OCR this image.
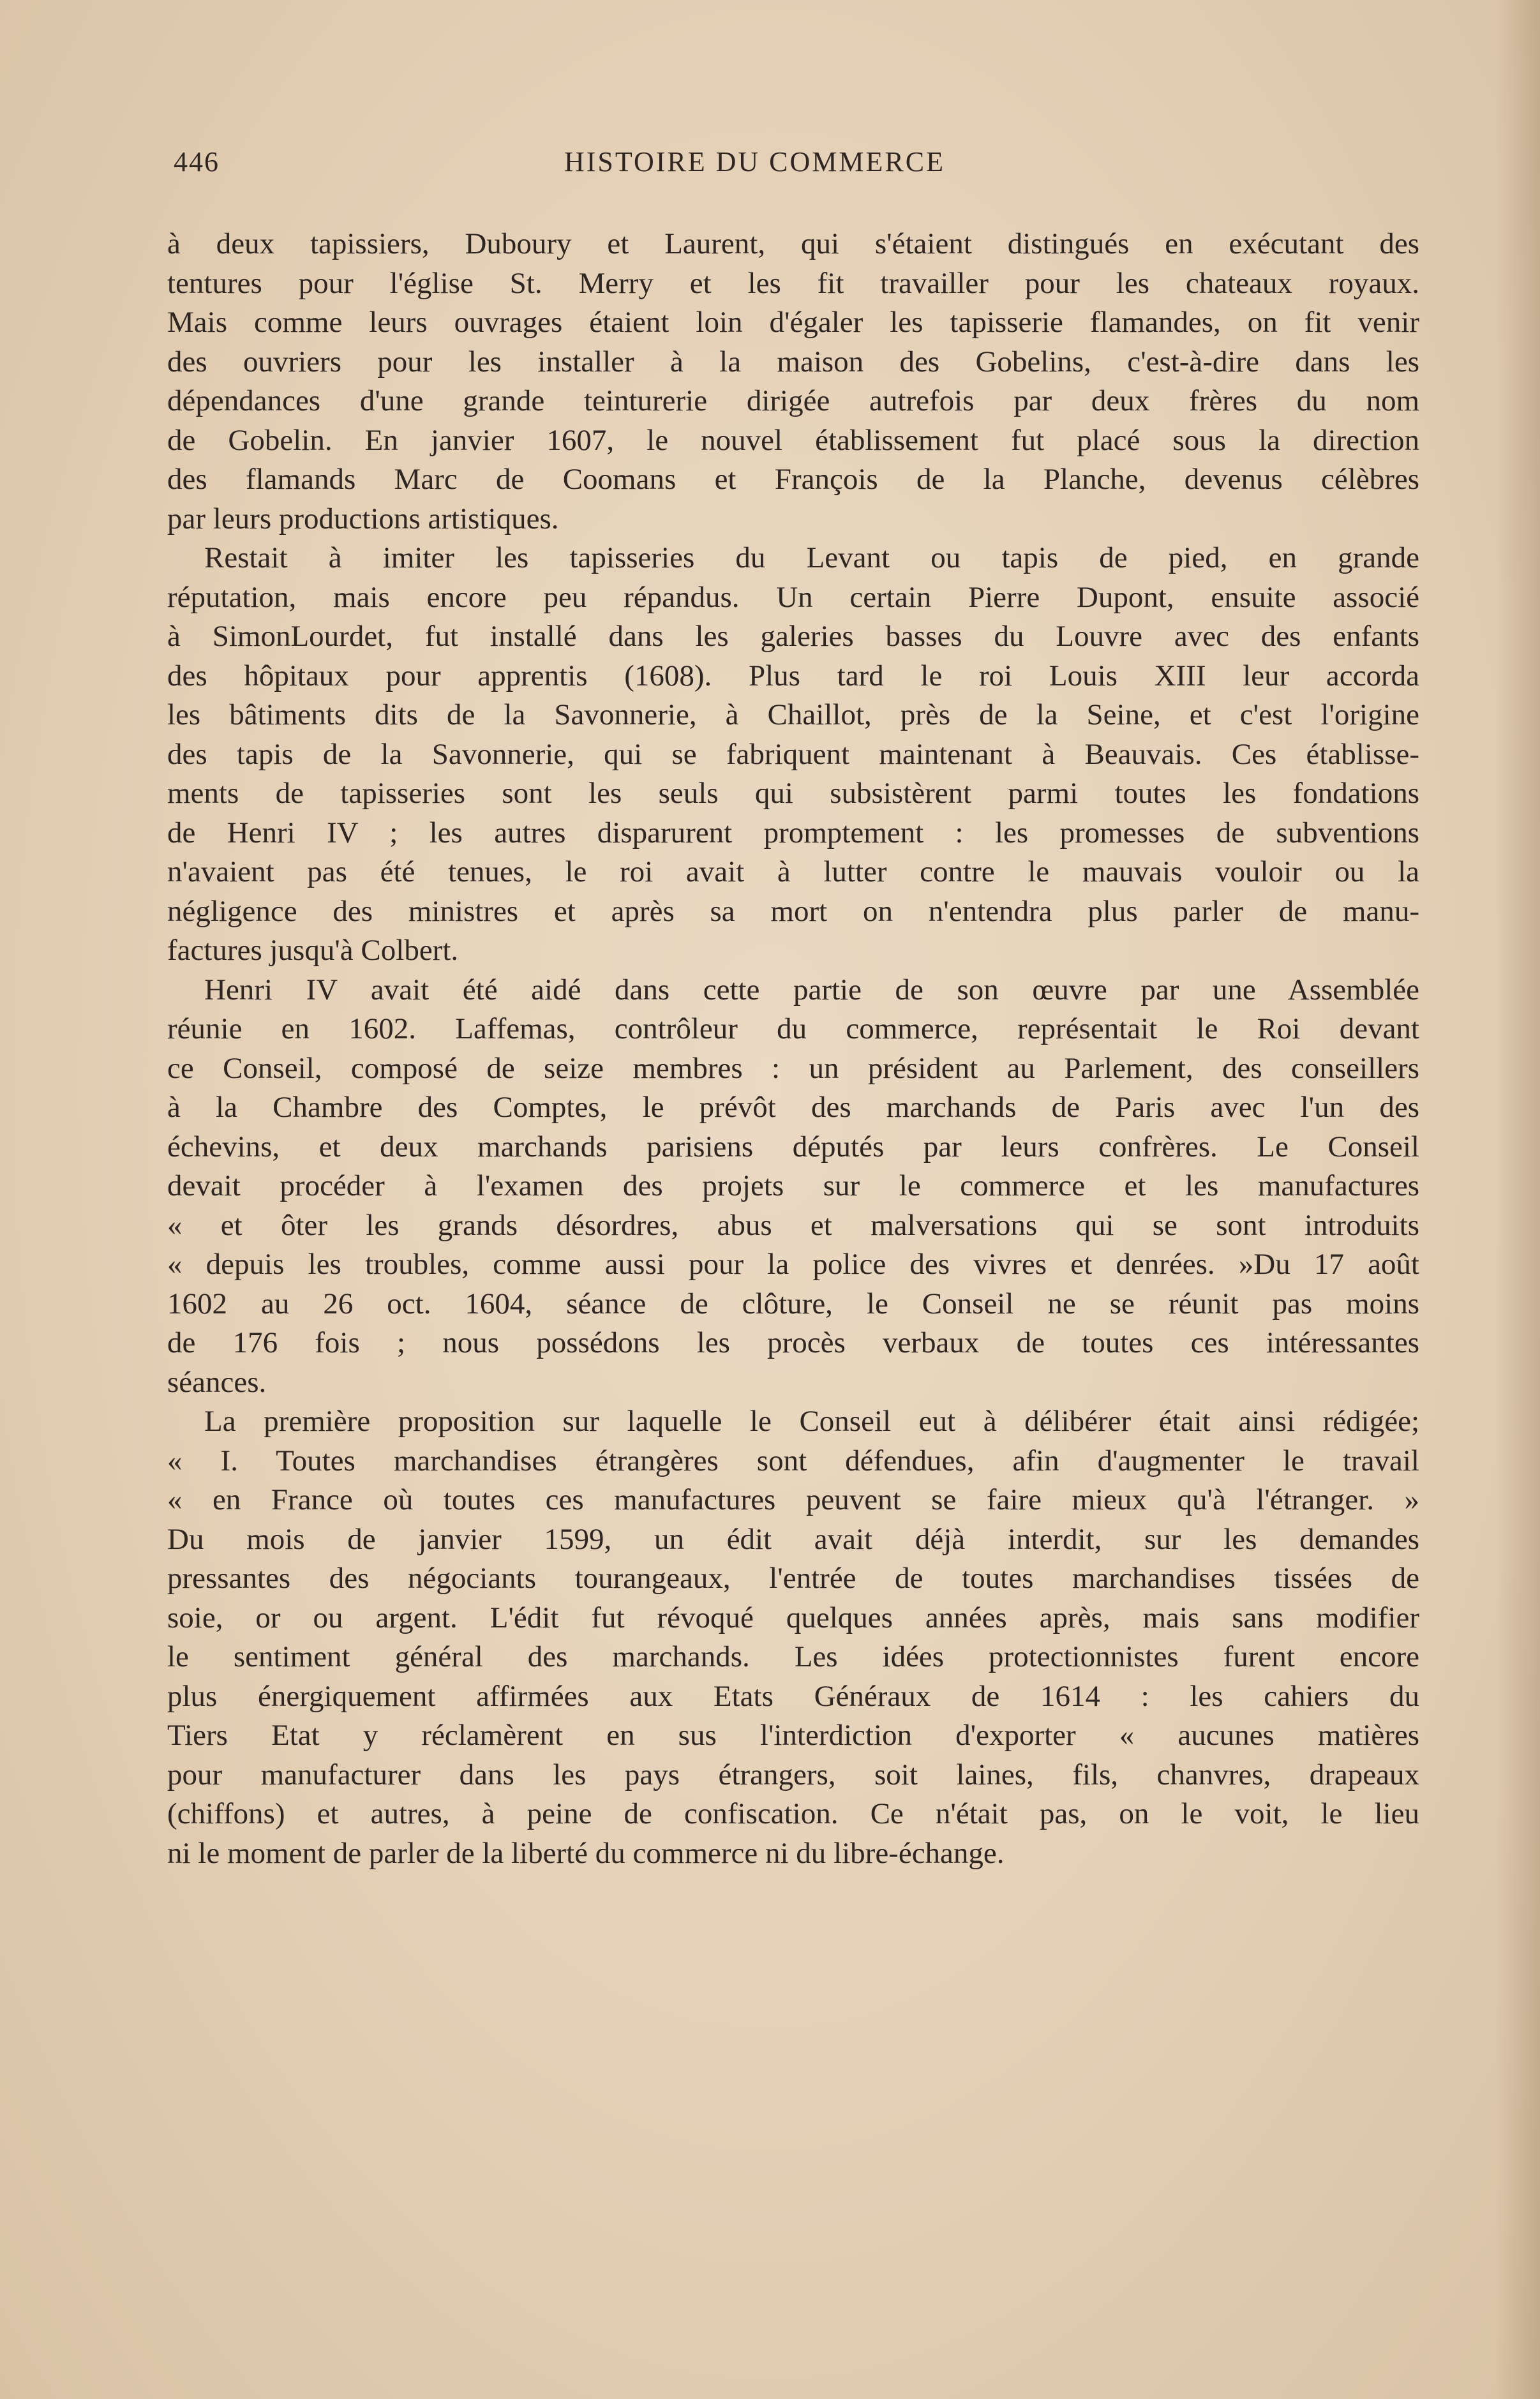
446	HISTOIRE DU COMMERCE
à deux tapissiers, Duboury et Laurent, qui s'étaient distingués en exécutant des
tentures pour l'église St. Merry et les fit travailler pour les chateaux royaux.
Mais comme leurs ouvrages étaient loin d'égaler les tapisserie flamandes, on fit venir
des ouvriers pour les installer à la maison des Gobelins, c'est-à-dire dans les
dépendances d'une grande teinturerie dirigée autrefois par deux frères du nom
de Gobelin. En janvier 1607, le nouvel établissement fut placé sous la direction
des flamands Marc de Coomans et François de la Planche, devenus célèbres
par leurs productions artistiques.
Restait à imiter les tapisseries du Levant ou tapis de pied, en grande
réputation, mais encore peu répandus. Un certain Pierre Dupont, ensuite associé
à SimonLourdet, fut installé dans les galeries basses du Louvre avec des enfants
des hôpitaux pour apprentis (1608). Plus tard le roi Louis XIII leur accorda
les bâtiments dits de la Savonnerie, à Chaillot, près de la Seine, et c'est l'origine
des tapis de la Savonnerie, qui se fabriquent maintenant à Beauvais. Ces établisse-
ments de tapisseries sont les seuls qui subsistèrent parmi toutes les fondations
de Henri IV ; les autres disparurent promptement : les promesses de subventions
n'avaient pas été tenues, le roi avait à lutter contre le mauvais vouloir ou la
négligence des ministres et après sa mort on n'entendra plus parler de manu-
factures jusqu'à Colbert.
Henri IV avait été aidé dans cette partie de son œuvre par une Assemblée
réunie en 1602. Laffemas, contrôleur du commerce, représentait le Roi devant
ce Conseil, composé de seize membres : un président au Parlement, des conseillers
à la Chambre des Comptes, le prévôt des marchands de Paris avec l'un des
échevins, et deux marchands parisiens députés par leurs confrères. Le Conseil
devait procéder à l'examen des projets sur le commerce et les manufactures
« et ôter les grands désordres, abus et malversations qui se sont introduits
« depuis les troubles, comme aussi pour la police des vivres et denrées. »Du 17 août
1602 au 26 oct. 1604, séance de clôture, le Conseil ne se réunit pas moins
de 176 fois ; nous possédons les procès verbaux de toutes ces intéressantes
séances.
La première proposition sur laquelle le Conseil eut à délibérer était ainsi rédigée;
« I. Toutes marchandises étrangères sont défendues, afin d'augmenter le travail
« en France où toutes ces manufactures peuvent se faire mieux qu'à l'étranger. »
Du mois de janvier 1599, un édit avait déjà interdit, sur les demandes
pressantes des négociants tourangeaux, l'entrée de toutes marchandises tissées de
soie, or ou argent. L'édit fut révoqué quelques années après, mais sans modifier
le sentiment général des marchands. Les idées protectionnistes furent encore
plus énergiquement affirmées aux Etats Généraux de 1614 : les cahiers du
Tiers Etat y réclamèrent en sus l'interdiction d'exporter « aucunes matières
pour manufacturer dans les pays étrangers, soit laines, fils, chanvres, drapeaux
(chiffons) et autres, à peine de confiscation. Ce n'était pas, on le voit, le lieu
ni le moment de parler de la liberté du commerce ni du libre-échange.
